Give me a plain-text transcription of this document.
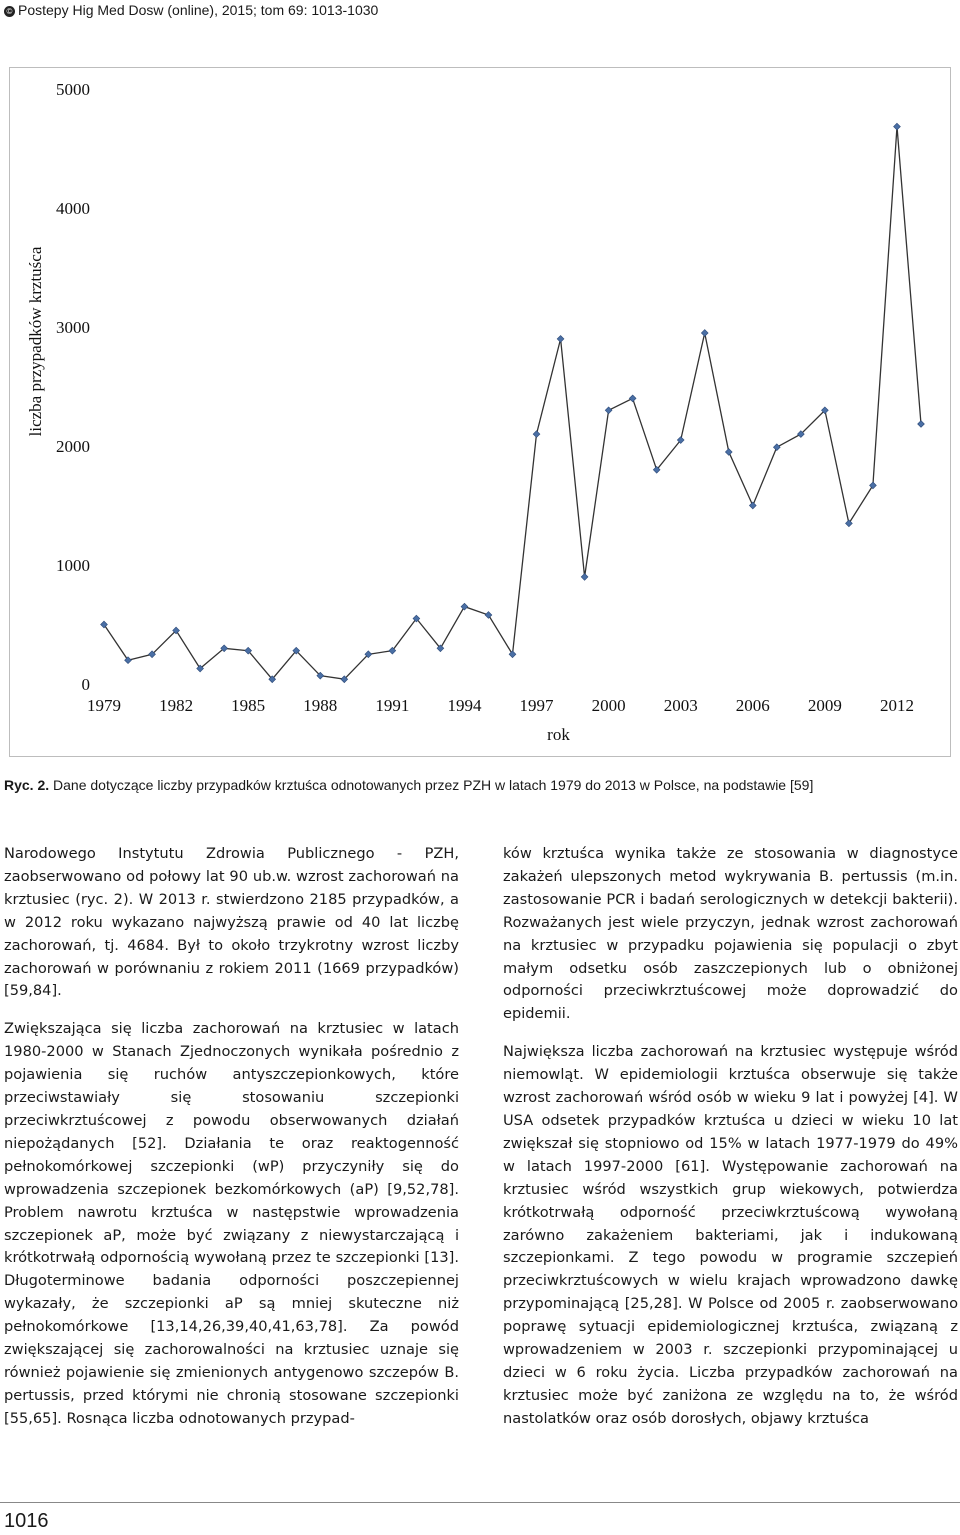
© Postepy Hig Med Dosw (online), 2015; tom 69: 1013-1030
0
1000
2000
3000
4000
5000
1979 1982 1985 1988 1991 1994 1997 2000 2003 2006 2009 2012
rok
liczba przypadków krztuśca
Ryc. 2. Dane dotyczące liczby przypadków krztuśca odnotowanych przez PZH w latach 1979 do 2013 w Polsce, na podstawie [59]

Narodowego Instytutu Zdrowia Publicznego - PZH, zaobserwowano od połowy lat 90 ub.w. wzrost zachorowań na krztusiec (ryc. 2). W 2013 r. stwierdzono 2185 przypadków, a w 2012 roku wykazano najwyższą prawie od 40 lat liczbę zachorowań, tj. 4684. Był to około trzykrotny wzrost liczby zachorowań w porównaniu z rokiem 2011 (1669 przypadków) [59,84].

Zwiększająca się liczba zachorowań na krztusiec w latach 1980-2000 w Stanach Zjednoczonych wynikała pośrednio z pojawienia się ruchów antyszczepionkowych, które przeciwstawiały się stosowaniu szczepionki przeciwkrztuścowej z powodu obserwowanych działań niepożądanych [52]. Działania te oraz reaktogenność pełnokomórkowej szczepionki (wP) przyczyniły się do wprowadzenia szczepionek bezkomórkowych (aP) [9,52,78]. Problem nawrotu krztuśca w następstwie wprowadzenia szczepionek aP, może być związany z niewystarczającą i krótkotrwałą odpornością wywołaną przez te szczepionki [13]. Długoterminowe badania odporności poszczepiennej wykazały, że szczepionki aP są mniej skuteczne niż pełnokomórkowe [13,14,26,39,40,41,63,78]. Za powód zwiększającej się zachorowalności na krztusiec uznaje się również pojawienie się zmienionych antygenowo szczepów B. pertussis, przed którymi nie chronią stosowane szczepionki [55,65]. Rosnąca liczba odnotowanych przypad-

ków krztuśca wynika także ze stosowania w diagnostyce zakażeń ulepszonych metod wykrywania B. pertussis (m.in. zastosowanie PCR i badań serologicznych w detekcji bakterii). Rozważanych jest wiele przyczyn, jednak wzrost zachorowań na krztusiec w przypadku pojawienia się populacji o zbyt małym odsetku osób zaszczepionych lub o obniżonej odporności przeciwkrztuścowej może doprowadzić do epidemii.

Największa liczba zachorowań na krztusiec występuje wśród niemowląt. W epidemiologii krztuśca obserwuje się także wzrost zachorowań wśród osób w wieku 9 lat i powyżej [4]. W USA odsetek przypadków krztuśca u dzieci w wieku 10 lat zwiększał się stopniowo od 15% w latach 1977-1979 do 49% w latach 1997-2000 [61]. Występowanie zachorowań na krztusiec wśród wszystkich grup wiekowych, potwierdza krótkotrwałą odporność przeciwkrztuścową wywołaną zarówno zakażeniem bakteriami, jak i indukowaną szczepionkami. Z tego powodu w programie szczepień przeciwkrztuścowych w wielu krajach wprowadzono dawkę przypominającą [25,28]. W Polsce od 2005 r. zaobserwowano poprawę sytuacji epidemiologicznej krztuśca, związaną z wprowadzeniem w 2003 r. szczepionki przypominającej u dzieci w 6 roku życia. Liczba przypadków zachorowań na krztusiec może być zaniżona ze względu na to, że wśród nastolatków oraz osób dorosłych, objawy krztuśca

1016
